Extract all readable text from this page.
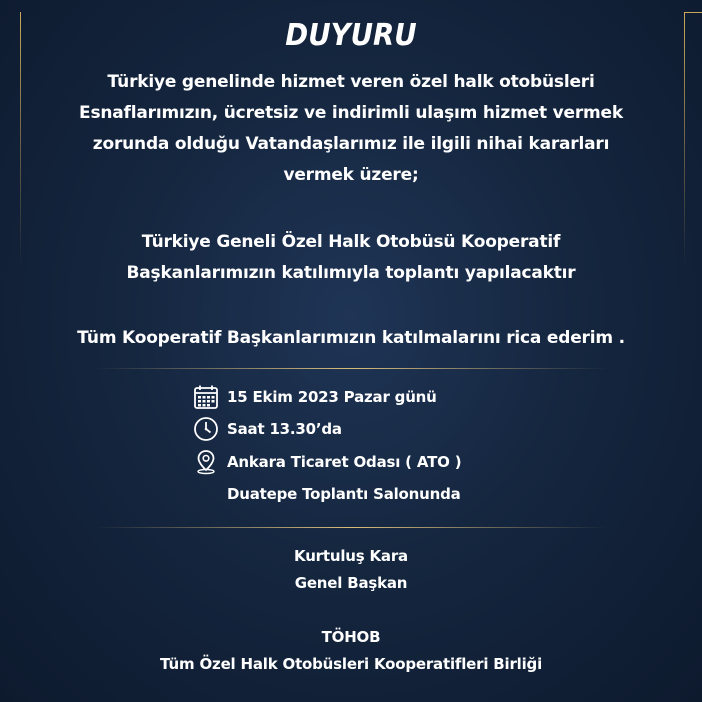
DUYURU
Türkiye genelinde hizmet veren özel halk otobüsleri
Esnaflarımızın, ücretsiz ve indirimli ulaşım hizmet vermek
zorunda olduğu Vatandaşlarımız ile ilgili nihai kararları
vermek üzere;
Türkiye Geneli Özel Halk Otobüsü Kooperatif
Başkanlarımızın katılımıyla toplantı yapılacaktır
Tüm Kooperatif Başkanlarımızın katılmalarını rica ederim .
15 Ekim 2023 Pazar günü
Saat 13.30’da
Ankara Ticaret Odası ( ATO )
Duatepe Toplantı Salonunda
Kurtuluş Kara
Genel Başkan
TÖHOB
Tüm Özel Halk Otobüsleri Kooperatifleri Birliği
